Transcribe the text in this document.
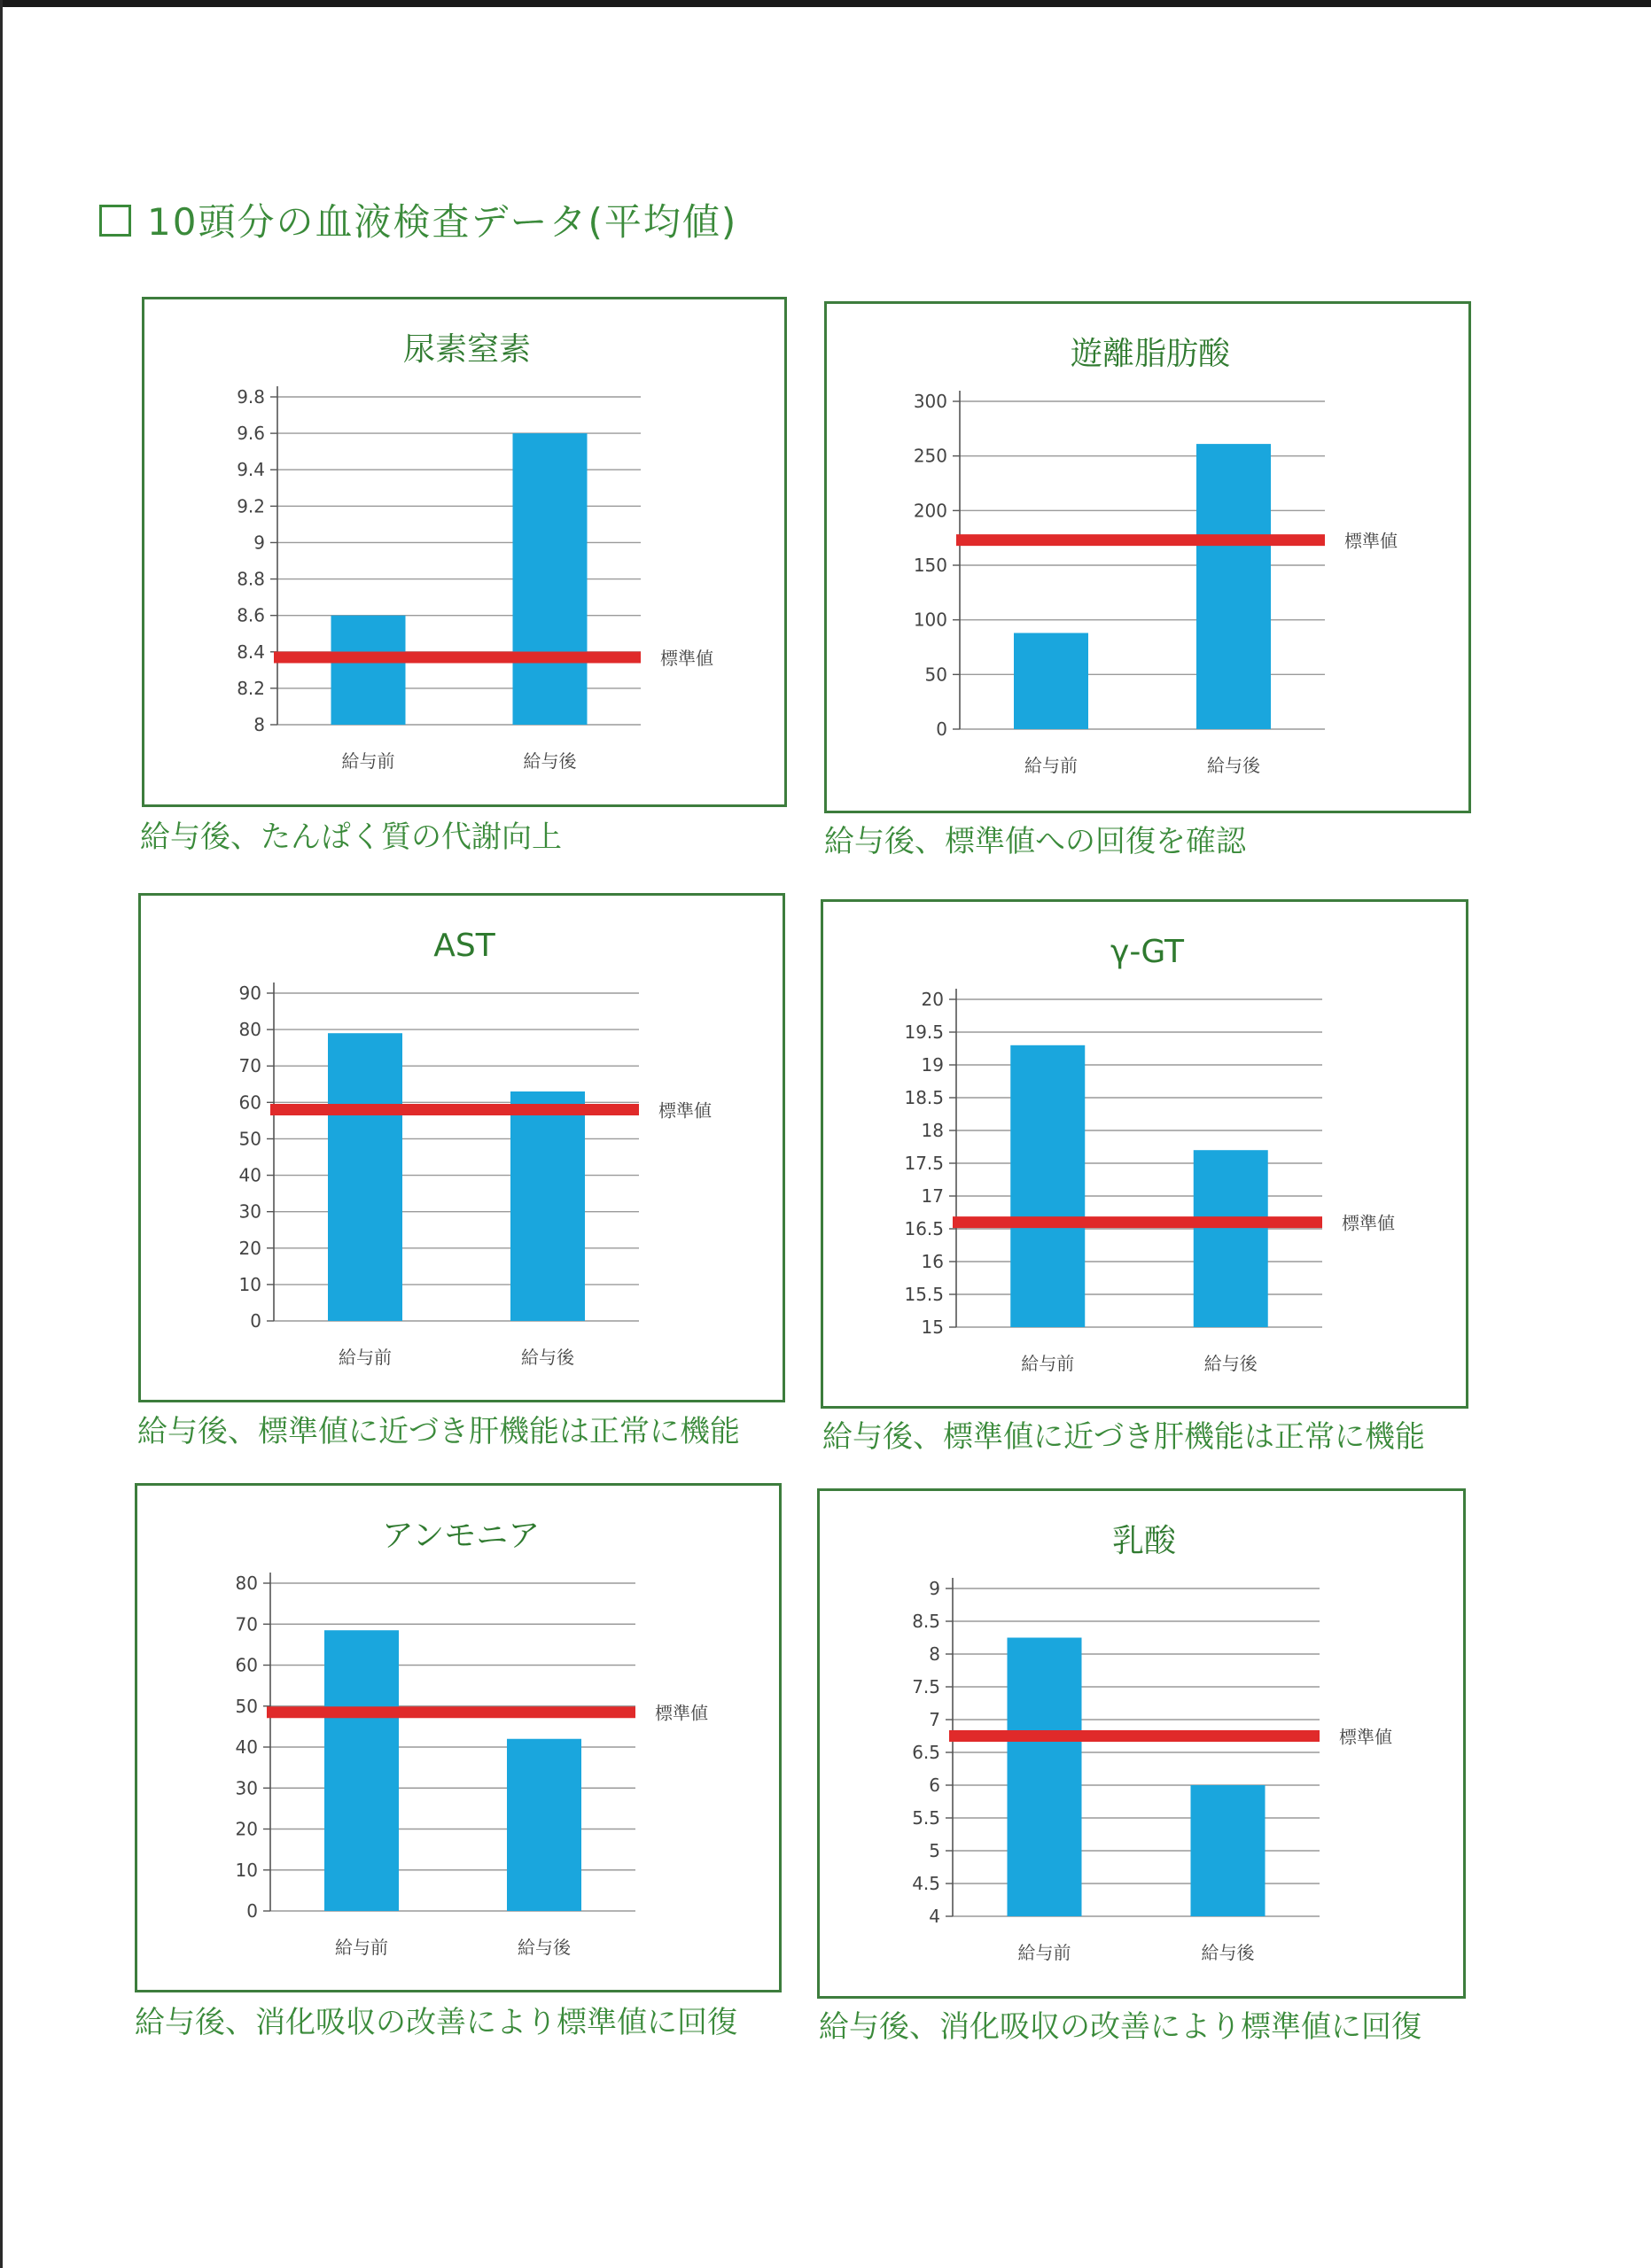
10頭分の血液検査データ(平均値)
尿素窒素
8
8.2
8.4
8.6
8.8
9
9.2
9.4
9.6
9.8
給与前	給与後
標準値
給与後、たんぱく質の代謝向上
遊離脂肪酸
0
50
100
150
200
250
300
給与前	給与後
標準値
給与後、標準値への回復を確認
AST
0
10
20
30
40
50
60
70
80
90
給与前	給与後
標準値
給与後、標準値に近づき肝機能は正常に機能
γ-GT
15
15.5
16
16.5
17
17.5
18
18.5
19
19.5
20
給与前	給与後
標準値
給与後、標準値に近づき肝機能は正常に機能
アンモニア
0
10
20
30
40
50
60
70
80
給与前	給与後
標準値
給与後、消化吸収の改善により標準値に回復
乳酸
4
4.5
5
5.5
6
6.5
7
7.5
8
8.5
9
給与前	給与後
標準値
給与後、消化吸収の改善により標準値に回復
